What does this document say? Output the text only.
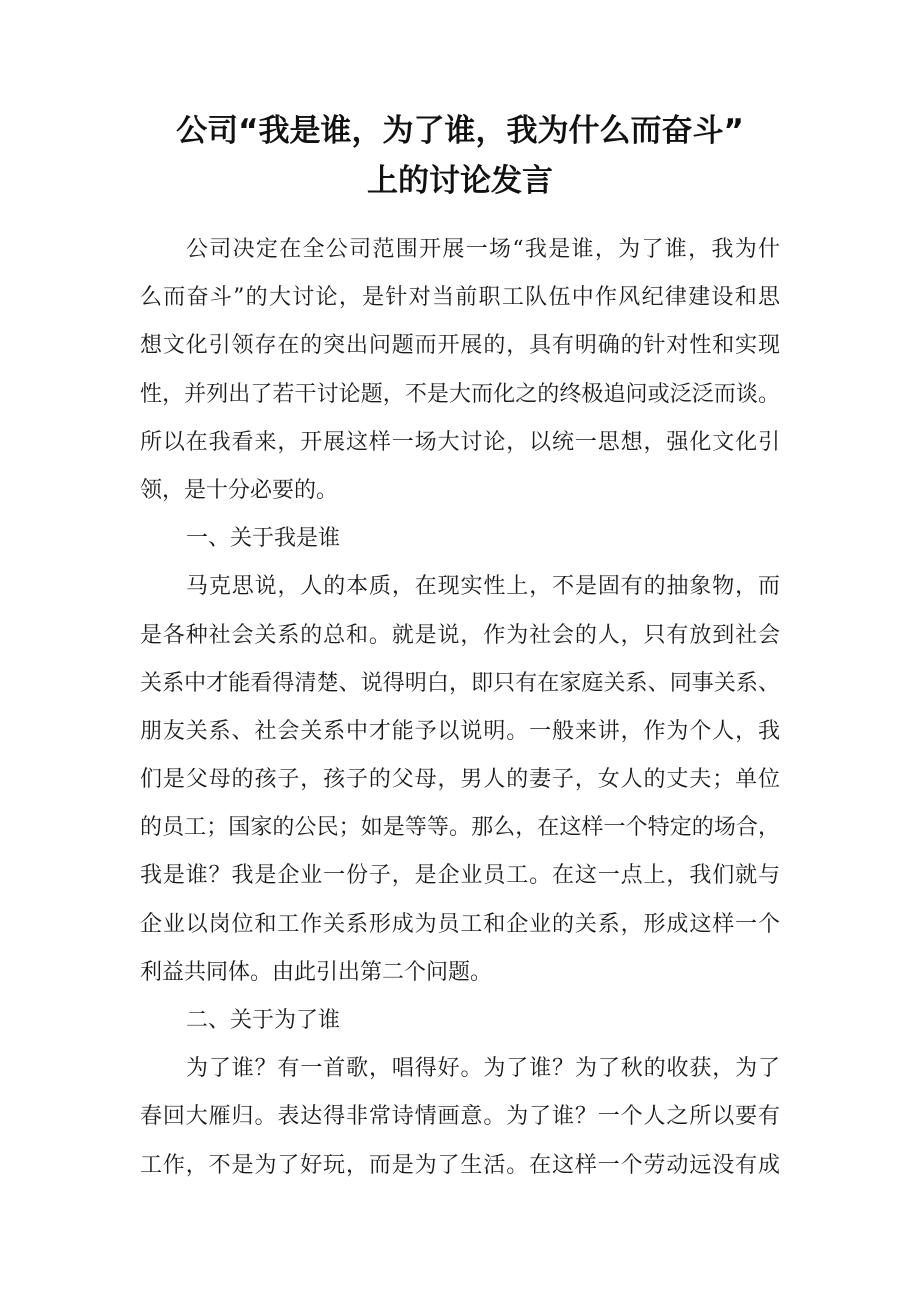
公司“我是谁，为了谁，我为什么而奋斗”
上的讨论发言
公司决定在全公司范围开展一场“我是谁，为了谁，我为什
么而奋斗”的大讨论，是针对当前职工队伍中作风纪律建设和思
想文化引领存在的突出问题而开展的，具有明确的针对性和实现
性，并列出了若干讨论题，不是大而化之的终极追问或泛泛而谈。
所以在我看来，开展这样一场大讨论，以统一思想，强化文化引
领，是十分必要的。
一、关于我是谁
马克思说，人的本质，在现实性上，不是固有的抽象物，而
是各种社会关系的总和。就是说，作为社会的人，只有放到社会
关系中才能看得清楚、说得明白，即只有在家庭关系、同事关系、
朋友关系、社会关系中才能予以说明。一般来讲，作为个人，我
们是父母的孩子，孩子的父母，男人的妻子，女人的丈夫；单位
的员工；国家的公民；如是等等。那么，在这样一个特定的场合，
我是谁？我是企业一份子，是企业员工。在这一点上，我们就与
企业以岗位和工作关系形成为员工和企业的关系，形成这样一个
利益共同体。由此引出第二个问题。
二、关于为了谁
为了谁？有一首歌，唱得好。为了谁？为了秋的收获，为了
春回大雁归。表达得非常诗情画意。为了谁？一个人之所以要有
工作，不是为了好玩，而是为了生活。在这样一个劳动远没有成
